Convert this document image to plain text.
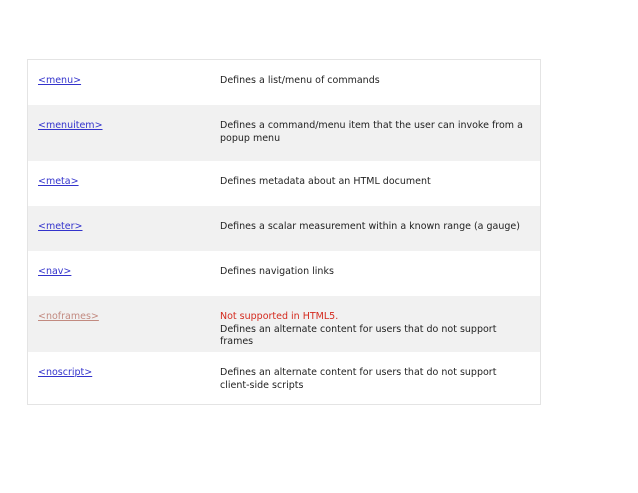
<menu>	Defines a list/menu of commands
<menuitem>	Defines a command/menu item that the user can invoke from a popup menu
<meta>	Defines metadata about an HTML document
<meter>	Defines a scalar measurement within a known range (a gauge)
<nav>	Defines navigation links
<noframes>	Not supported in HTML5.
Defines an alternate content for users that do not support frames
<noscript>	Defines an alternate content for users that do not support client-side scripts
